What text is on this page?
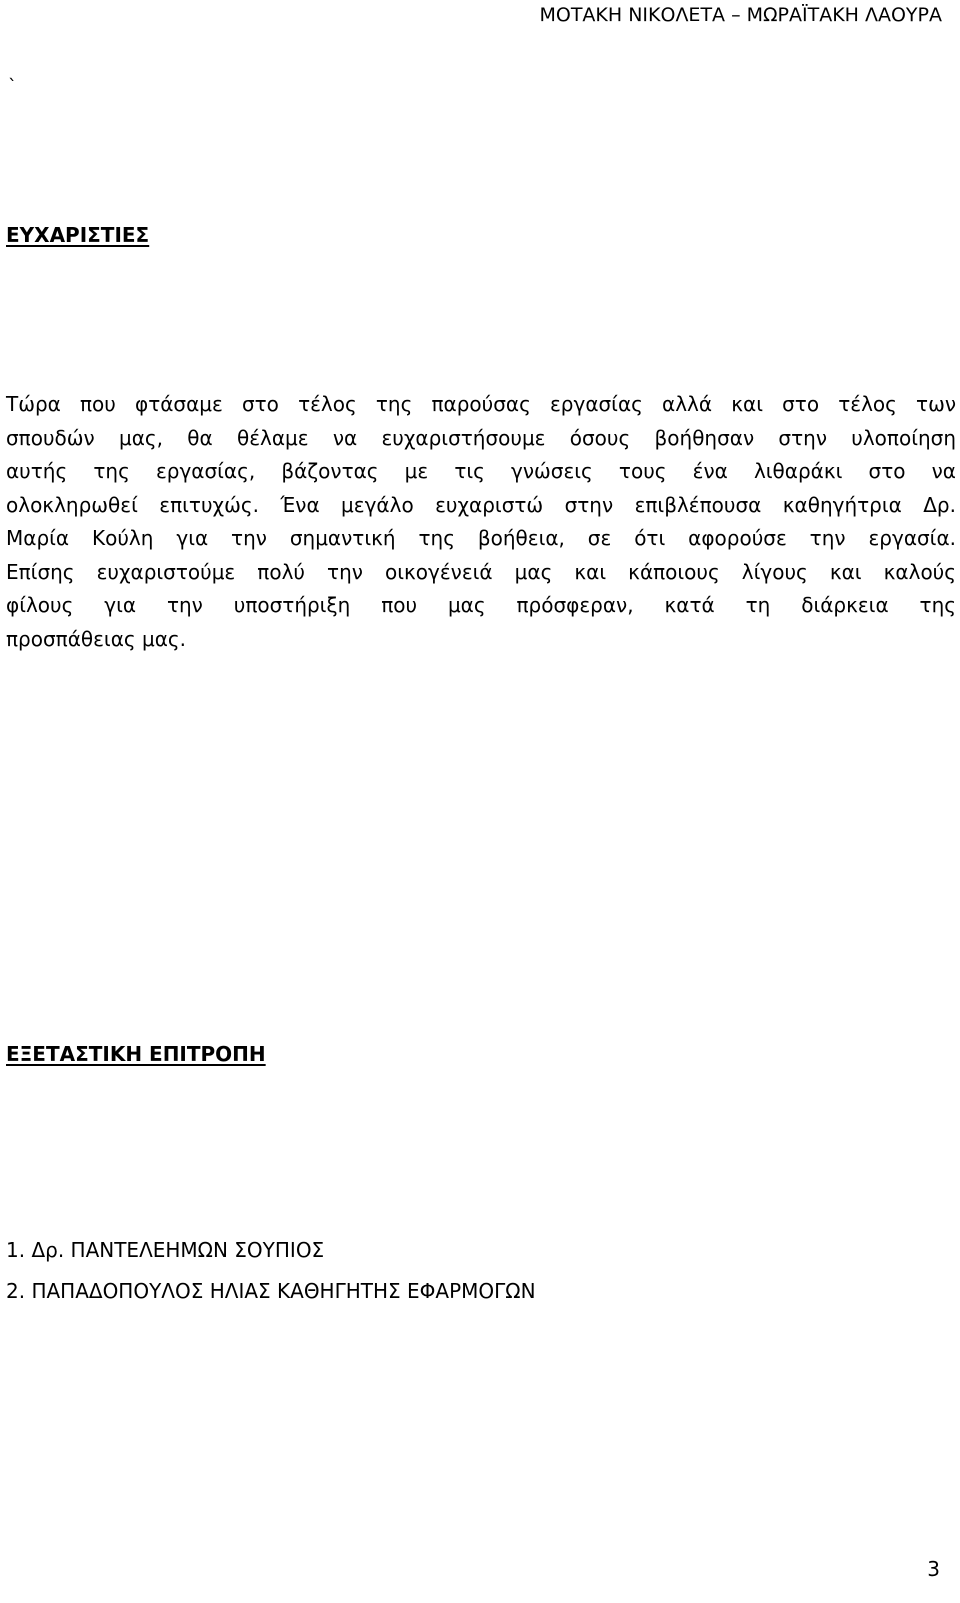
ΜΟΤΑΚΗ ΝΙΚΟΛΕΤΑ – ΜΩΡΑΪΤΑΚΗ ΛΑΟΥΡΑ
`
ΕΥΧΑΡΙΣΤΙΕΣ
Τώρα που φτάσαμε στο τέλος της παρούσας εργασίας αλλά και στο τέλος των
σπουδών μας, θα θέλαμε να ευχαριστήσουμε όσους βοήθησαν στην υλοποίηση
αυτής της εργασίας, βάζοντας με τις γνώσεις τους ένα λιθαράκι στο να
ολοκληρωθεί επιτυχώς. Ένα μεγάλο ευχαριστώ στην επιβλέπουσα καθηγήτρια Δρ.
Μαρία Κούλη για την σημαντική της βοήθεια, σε ότι αφορούσε την εργασία.
Επίσης ευχαριστούμε πολύ την οικογένειά μας και κάποιους λίγους και καλούς
φίλους για την υποστήριξη που μας πρόσφεραν, κατά τη διάρκεια της
προσπάθειας μας.
ΕΞΕΤΑΣΤΙΚΗ ΕΠΙΤΡΟΠΗ
1. Δρ. ΠΑΝΤΕΛΕΗΜΩΝ ΣΟΥΠΙΟΣ
2. ΠΑΠΑΔΟΠΟΥΛΟΣ ΗΛΙΑΣ ΚΑΘΗΓΗΤΗΣ ΕΦΑΡΜΟΓΩΝ
3
